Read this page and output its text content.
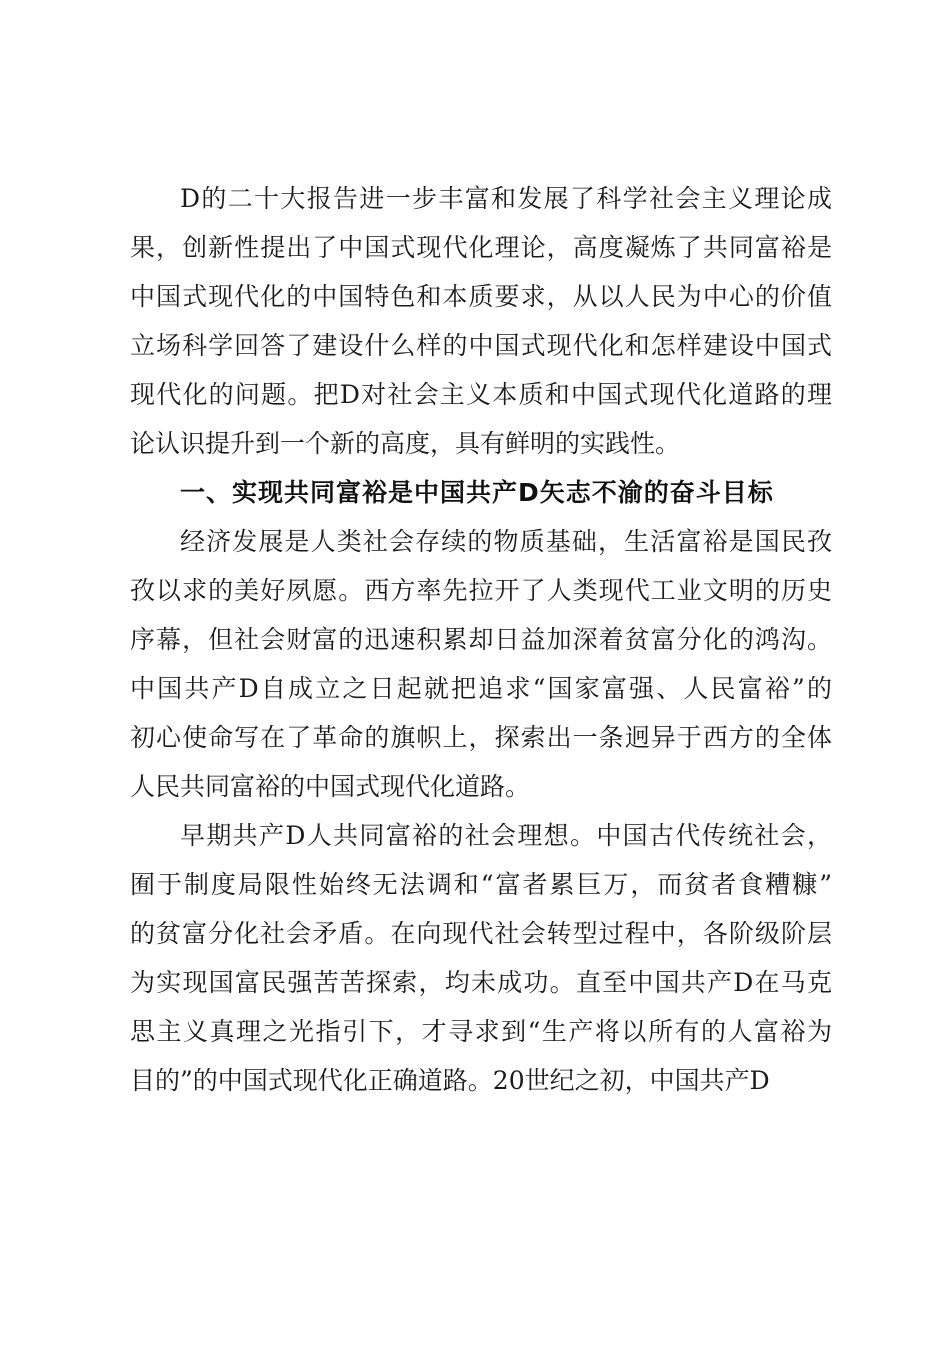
D的二十大报告进一步丰富和发展了科学社会主义理论成
果，创新性提出了中国式现代化理论，高度凝炼了共同富裕是
中国式现代化的中国特色和本质要求，从以人民为中心的价值
立场科学回答了建设什么样的中国式现代化和怎样建设中国式
现代化的问题。把D对社会主义本质和中国式现代化道路的理
论认识提升到一个新的高度，具有鲜明的实践性。
一、实现共同富裕是中国共产D矢志不渝的奋斗目标
经济发展是人类社会存续的物质基础，生活富裕是国民孜
孜以求的美好夙愿。西方率先拉开了人类现代工业文明的历史
序幕，但社会财富的迅速积累却日益加深着贫富分化的鸿沟。
中国共产D自成立之日起就把追求“国家富强、人民富裕”的
初心使命写在了革命的旗帜上，探索出一条迥异于西方的全体
人民共同富裕的中国式现代化道路。
早期共产D人共同富裕的社会理想。中国古代传统社会，
囿于制度局限性始终无法调和“富者累巨万，而贫者食糟糠”
的贫富分化社会矛盾。在向现代社会转型过程中，各阶级阶层
为实现国富民强苦苦探索，均未成功。直至中国共产D在马克
思主义真理之光指引下，才寻求到“生产将以所有的人富裕为
目的”的中国式现代化正确道路。20世纪之初，中国共产D
